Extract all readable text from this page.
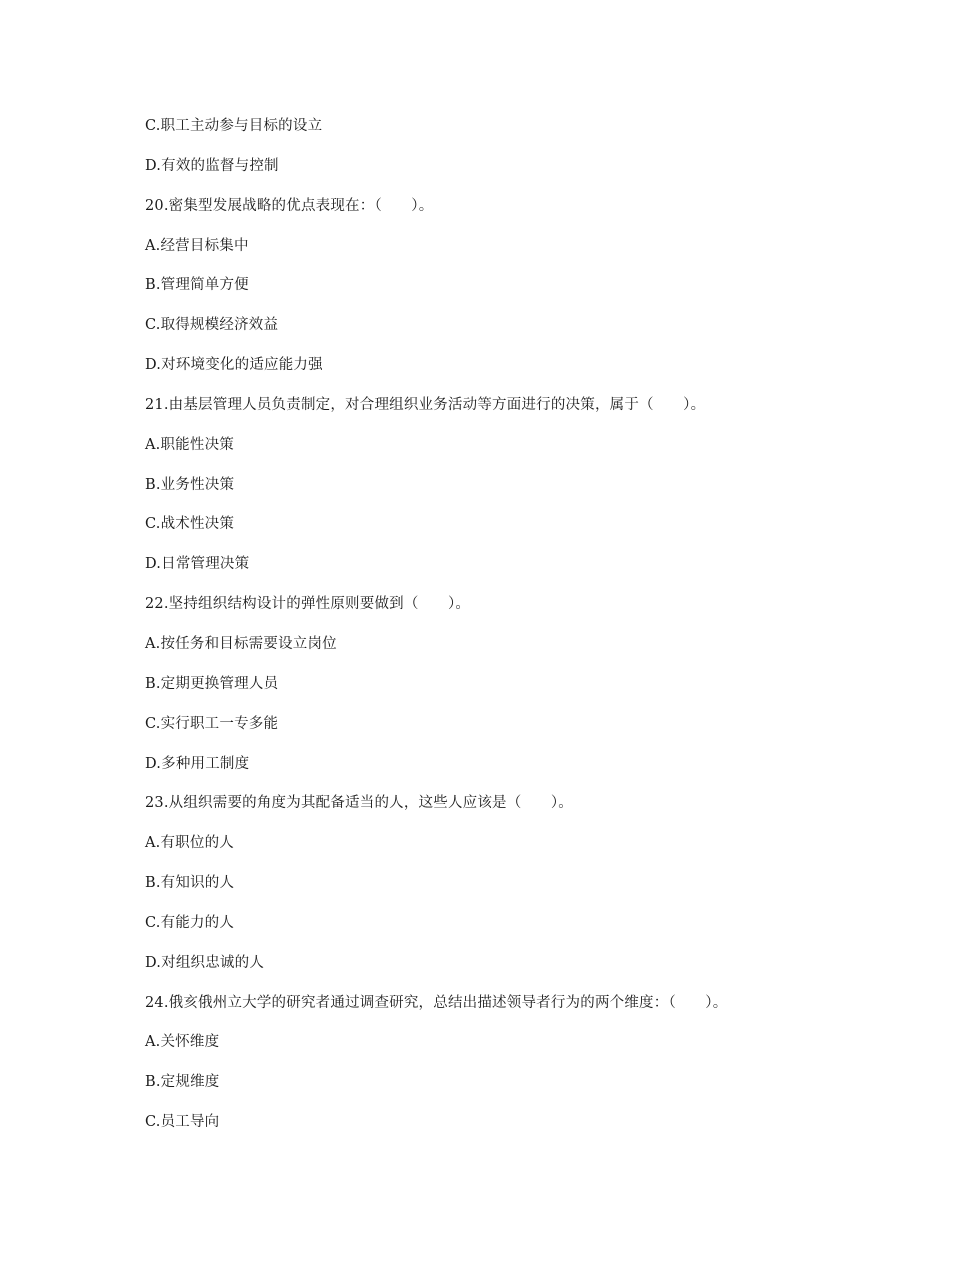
C.职工主动参与目标的设立
D.有效的监督与控制
20.密集型发展战略的优点表现在：（　　）。
A.经营目标集中
B.管理简单方便
C.取得规模经济效益
D.对环境变化的适应能力强
21.由基层管理人员负责制定，对合理组织业务活动等方面进行的决策，属于（　　）。
A.职能性决策
B.业务性决策
C.战术性决策
D.日常管理决策
22.坚持组织结构设计的弹性原则要做到（　　）。
A.按任务和目标需要设立岗位
B.定期更换管理人员
C.实行职工一专多能
D.多种用工制度
23.从组织需要的角度为其配备适当的人，这些人应该是（　　）。
A.有职位的人
B.有知识的人
C.有能力的人
D.对组织忠诚的人
24.俄亥俄州立大学的研究者通过调查研究，总结出描述领导者行为的两个维度：（　　）。
A.关怀维度
B.定规维度
C.员工导向
